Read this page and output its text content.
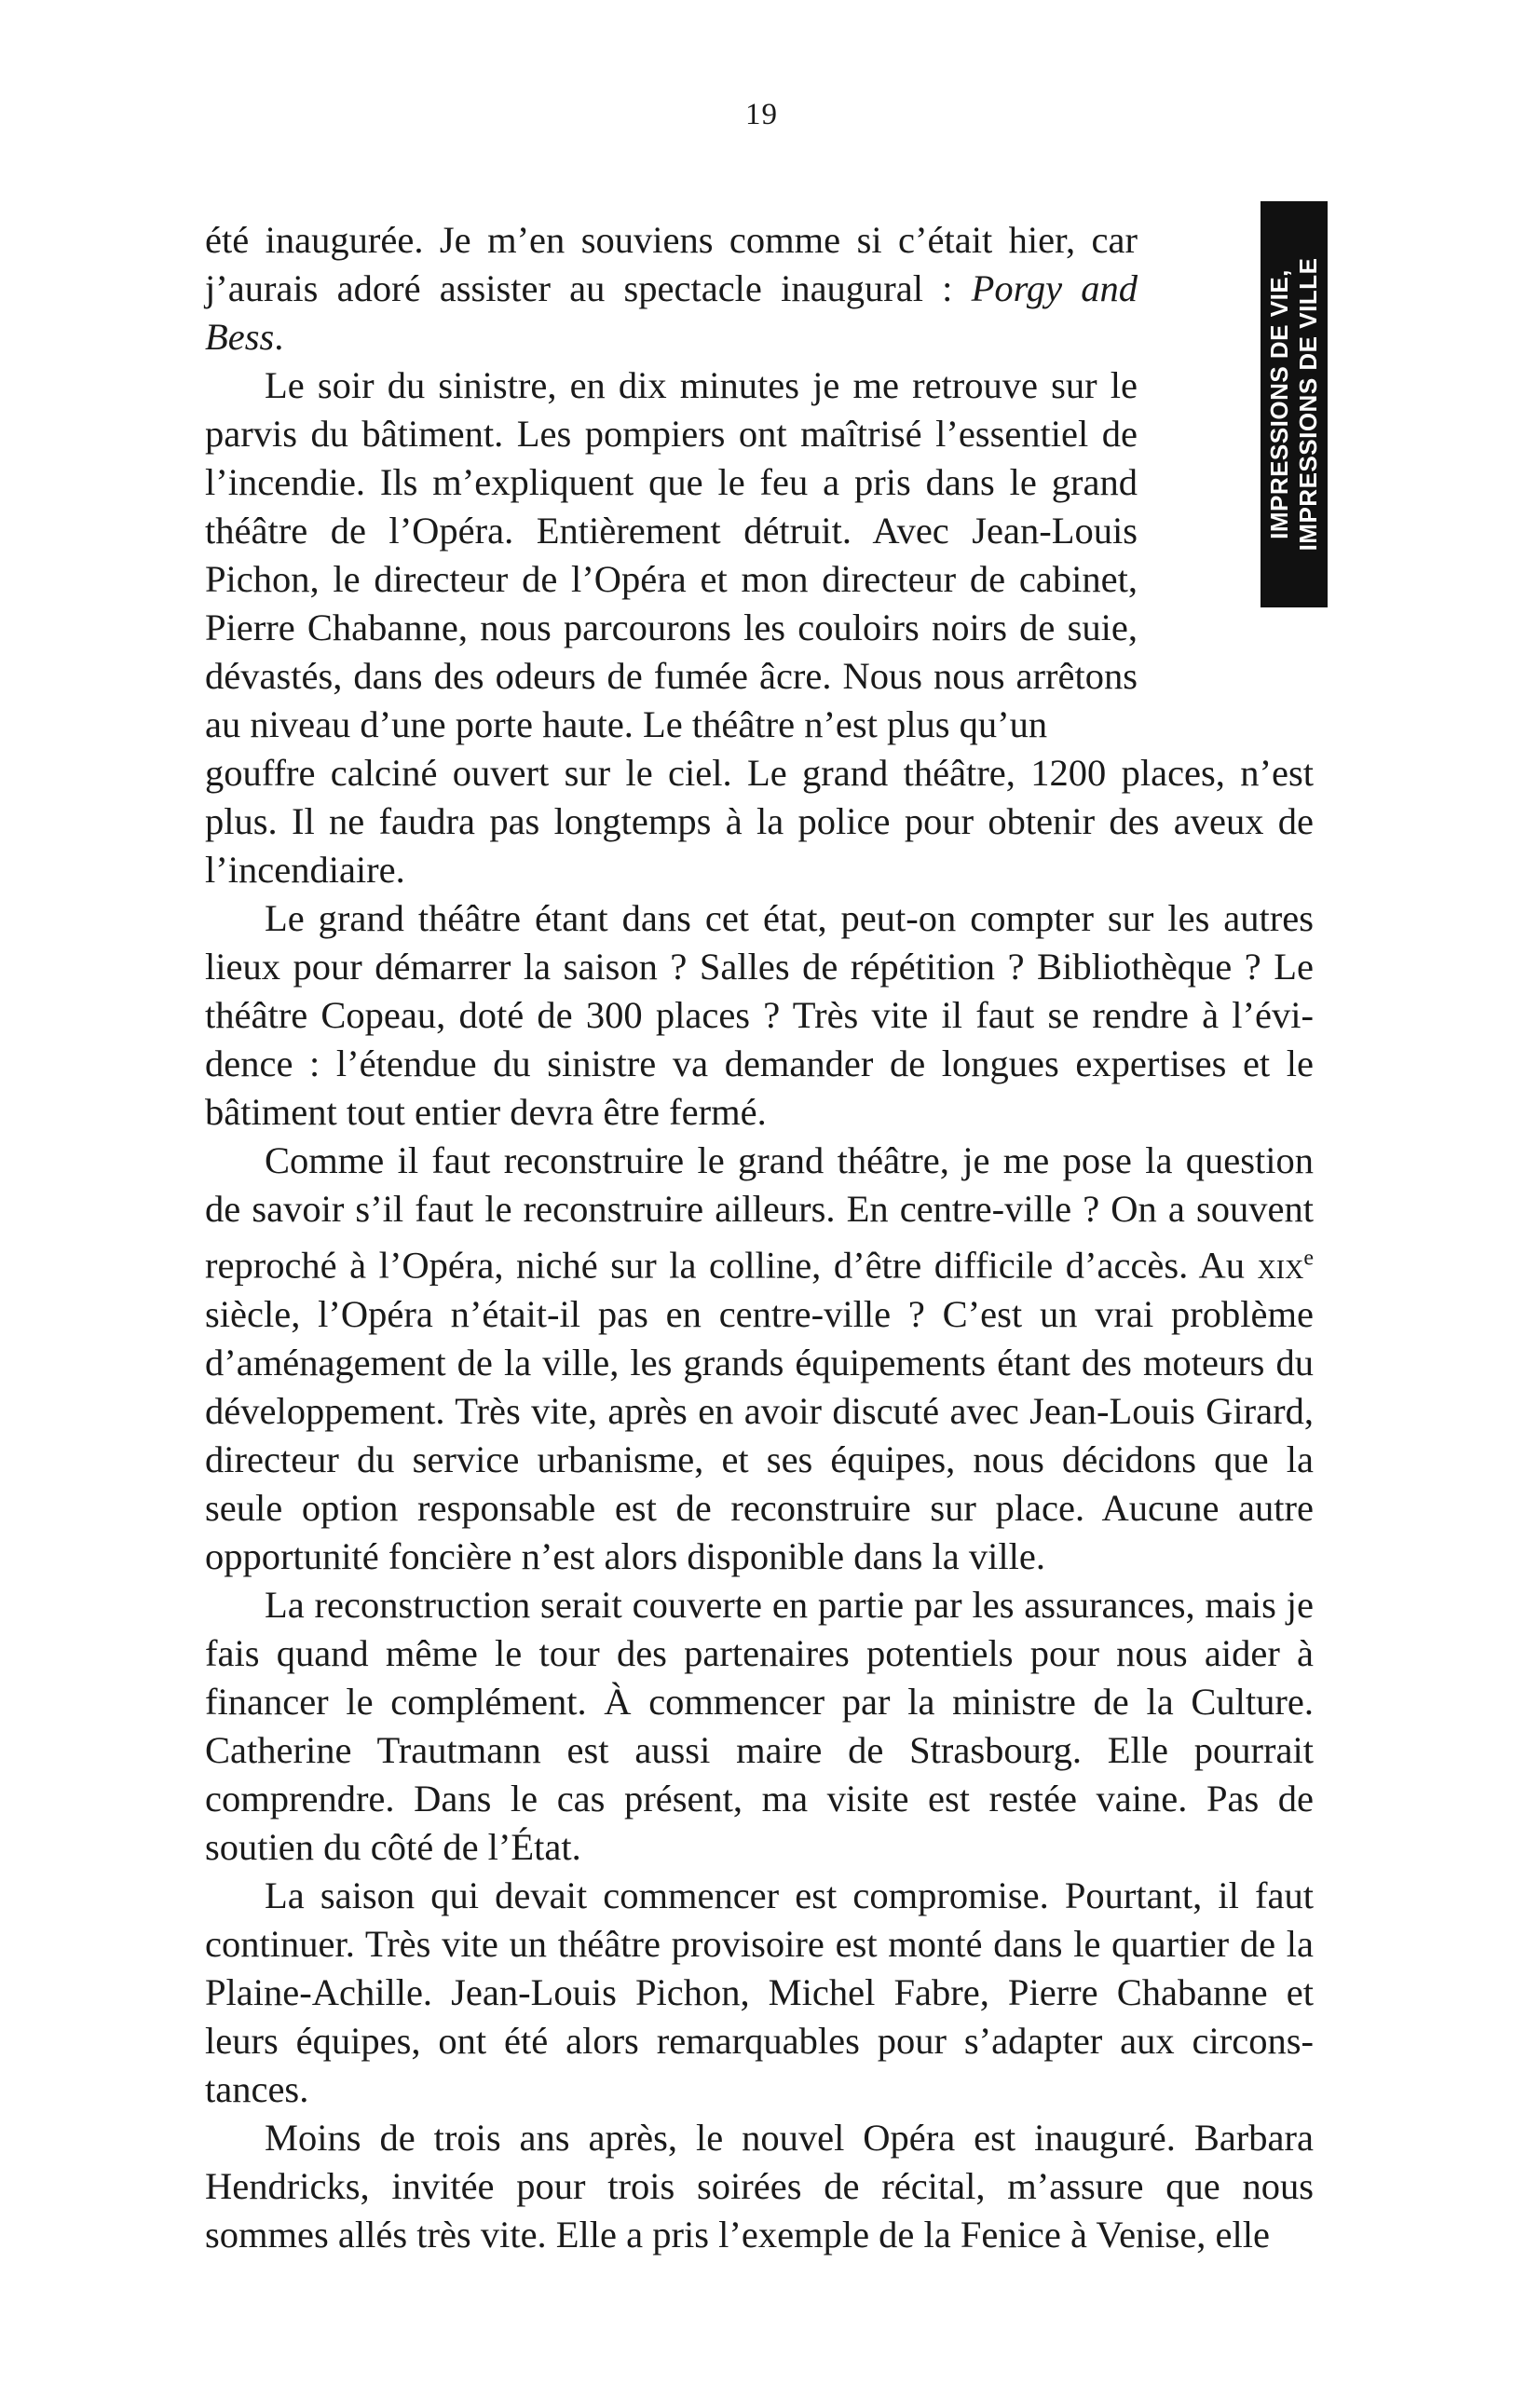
19
IMPRESSIONS DE VIE, IMPRESSIONS DE VILLE

été inaugurée. Je m’en souviens comme si c’était hier, car j’aurais adoré assister au spectacle inaugural : Porgy and Bess.

Le soir du sinistre, en dix minutes je me retrouve sur le parvis du bâtiment. Les pompiers ont maîtrisé l’essentiel de l’incendie. Ils m’expliquent que le feu a pris dans le grand théâtre de l’Opéra. Entièrement détruit. Avec Jean-Louis Pichon, le directeur de l’Opéra et mon directeur de cabinet, Pierre Chabanne, nous parcourons les couloirs noirs de suie, dévastés, dans des odeurs de fumée âcre. Nous nous arrêtons au niveau d’une porte haute. Le théâtre n’est plus qu’un

gouffre calciné ouvert sur le ciel. Le grand théâtre, 1200 places, n’est plus. Il ne faudra pas longtemps à la police pour obtenir des aveux de l’incendiaire.

Le grand théâtre étant dans cet état, peut-on compter sur les autres lieux pour démarrer la saison ? Salles de répétition ? Bibliothèque ? Le théâtre Copeau, doté de 300 places ? Très vite il faut se rendre à l’évidence : l’étendue du sinistre va demander de longues expertises et le bâtiment tout entier devra être fermé.

Comme il faut reconstruire le grand théâtre, je me pose la question de savoir s’il faut le reconstruire ailleurs. En centre-ville ? On a souvent reproché à l’Opéra, niché sur la colline, d’être difficile d’accès. Au xix$^e$ siècle, l’Opéra n’était-il pas en centre-ville ? C’est un vrai problème d’aménagement de la ville, les grands équipements étant des moteurs du développement. Très vite, après en avoir discuté avec Jean-Louis Girard, directeur du service urbanisme, et ses équipes, nous décidons que la seule option responsable est de reconstruire sur place. Aucune autre opportunité foncière n’est alors disponible dans la ville.

La reconstruction serait couverte en partie par les assurances, mais je fais quand même le tour des partenaires potentiels pour nous aider à financer le complément. À commencer par la ministre de la Culture. Catherine Trautmann est aussi maire de Strasbourg. Elle pourrait comprendre. Dans le cas présent, ma visite est restée vaine. Pas de soutien du côté de l’État.

La saison qui devait commencer est compromise. Pourtant, il faut continuer. Très vite un théâtre provisoire est monté dans le quartier de la Plaine-Achille. Jean-Louis Pichon, Michel Fabre, Pierre Chabanne et leurs équipes, ont été alors remarquables pour s’adapter aux circonstances.

Moins de trois ans après, le nouvel Opéra est inauguré. Barbara Hendricks, invitée pour trois soirées de récital, m’assure que nous sommes allés très vite. Elle a pris l’exemple de la Fenice à Venise, elle
